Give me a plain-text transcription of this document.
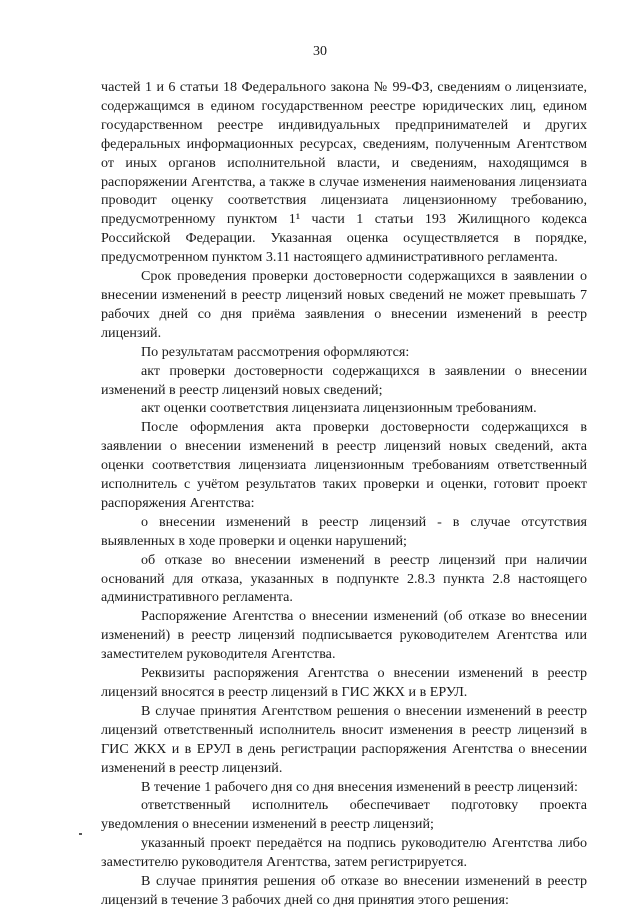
30

частей 1 и 6 статьи 18 Федерального закона № 99-ФЗ, сведениям о лицензиате, содержащимся в едином государственном реестре юридических лиц, едином государственном реестре индивидуальных предпринимателей и других федеральных информационных ресурсах, сведениям, полученным Агентством от иных органов исполнительной власти, и сведениям, находящимся в распоряжении Агентства, а также в случае изменения наименования лицензиата проводит оценку соответствия лицензиата лицензионному требованию, предусмотренному пунктом 1¹ части 1 статьи 193 Жилищного кодекса Российской Федерации. Указанная оценка осуществляется в порядке, предусмотренном пунктом 3.11 настоящего административного регламента.

Срок проведения проверки достоверности содержащихся в заявлении о внесении изменений в реестр лицензий новых сведений не может превышать 7 рабочих дней со дня приёма заявления о внесении изменений в реестр лицензий.

По результатам рассмотрения оформляются:

акт проверки достоверности содержащихся в заявлении о внесении изменений в реестр лицензий новых сведений;

акт оценки соответствия лицензиата лицензионным требованиям.

После оформления акта проверки достоверности содержащихся в заявлении о внесении изменений в реестр лицензий новых сведений, акта оценки соответствия лицензиата лицензионным требованиям ответственный исполнитель с учётом результатов таких проверки и оценки, готовит проект распоряжения Агентства:

о внесении изменений в реестр лицензий - в случае отсутствия выявленных в ходе проверки и оценки нарушений;

об отказе во внесении изменений в реестр лицензий при наличии оснований для отказа, указанных в подпункте 2.8.3 пункта 2.8 настоящего административного регламента.

Распоряжение Агентства о внесении изменений (об отказе во внесении изменений) в реестр лицензий подписывается руководителем Агентства или заместителем руководителя Агентства.

Реквизиты распоряжения Агентства о внесении изменений в реестр лицензий вносятся в реестр лицензий в ГИС ЖКХ и в ЕРУЛ.

В случае принятия Агентством решения о внесении изменений в реестр лицензий ответственный исполнитель вносит изменения в реестр лицензий в ГИС ЖКХ и в ЕРУЛ в день регистрации распоряжения Агентства о внесении изменений в реестр лицензий.

В течение 1 рабочего дня со дня внесения изменений в реестр лицензий:

ответственный исполнитель обеспечивает подготовку проекта уведомления о внесении изменений в реестр лицензий;

указанный проект передаётся на подпись руководителю Агентства либо заместителю руководителя Агентства, затем регистрируется.

В случае принятия решения об отказе во внесении изменений в реестр лицензий в течение 3 рабочих дней со дня принятия этого решения:
